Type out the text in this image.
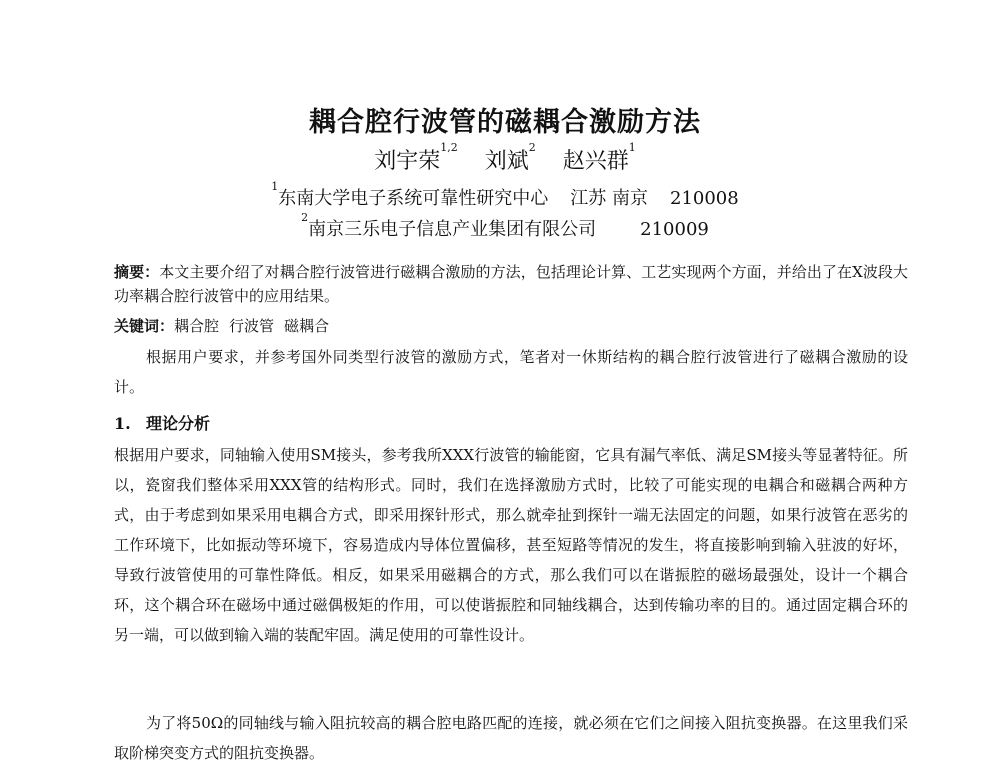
耦合腔行波管的磁耦合激励方法
刘宇荣$^{1,2}$ 刘斌$^2$ 赵兴群$^1$
$^1$东南大学电子系统可靠性研究中心 江苏 南京 210008
$^2$南京三乐电子信息产业集团有限公司 210009
摘要：本文主要介绍了对耦合腔行波管进行磁耦合激励的方法，包括理论计算、工艺实现两个方面，并给出了在X波段大功率耦合腔行波管中的应用结果。
关键词：耦合腔 行波管 磁耦合
根据用户要求，并参考国外同类型行波管的激励方式，笔者对一休斯结构的耦合腔行波管进行了磁耦合激励的设计。
1. 理论分析
根据用户要求，同轴输入使用SM接头，参考我所XXX行波管的输能窗，它具有漏气率低、满足SM接头等显著特征。所以，瓷窗我们整体采用XXX管的结构形式。同时，我们在选择激励方式时，比较了可能实现的电耦合和磁耦合两种方式，由于考虑到如果采用电耦合方式，即采用探针形式，那么就牵扯到探针一端无法固定的问题，如果行波管在恶劣的工作环境下，比如振动等环境下，容易造成内导体位置偏移，甚至短路等情况的发生，将直接影响到输入驻波的好坏，导致行波管使用的可靠性降低。相反，如果采用磁耦合的方式，那么我们可以在谐振腔的磁场最强处，设计一个耦合环，这个耦合环在磁场中通过磁偶极矩的作用，可以使谐振腔和同轴线耦合，达到传输功率的目的。通过固定耦合环的另一端，可以做到输入端的装配牢固。满足使用的可靠性设计。
为了将50Ω的同轴线与输入阻抗较高的耦合腔电路匹配的连接，就必须在它们之间接入阻抗变换器。在这里我们采取阶梯突变方式的阻抗变换器。
